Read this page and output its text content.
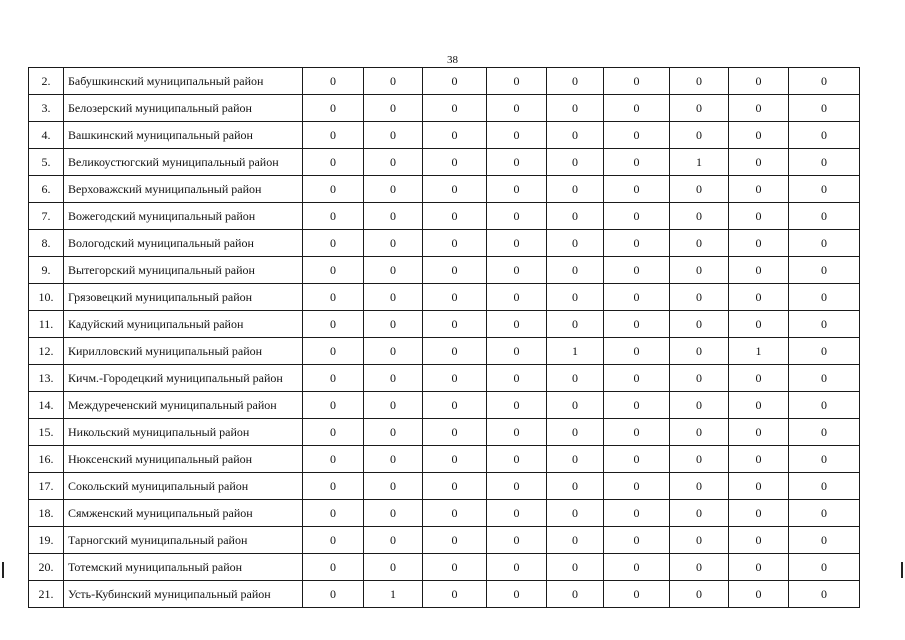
38
2.	Бабушкинский муниципальный район	0	0	0	0	0	0	0	0	0
3.	Белозерский муниципальный район	0	0	0	0	0	0	0	0	0
4.	Вашкинский муниципальный район	0	0	0	0	0	0	0	0	0
5.	Великоустюгский муниципальный район	0	0	0	0	0	0	1	0	0
6.	Верховажский муниципальный район	0	0	0	0	0	0	0	0	0
7.	Вожегодский муниципальный район	0	0	0	0	0	0	0	0	0
8.	Вологодский муниципальный район	0	0	0	0	0	0	0	0	0
9.	Вытегорский муниципальный район	0	0	0	0	0	0	0	0	0
10.	Грязовецкий муниципальный район	0	0	0	0	0	0	0	0	0
11.	Кадуйский муниципальный район	0	0	0	0	0	0	0	0	0
12.	Кирилловский муниципальный район	0	0	0	0	1	0	0	1	0
13.	Кичм.-Городецкий муниципальный район	0	0	0	0	0	0	0	0	0
14.	Междуреченский муниципальный район	0	0	0	0	0	0	0	0	0
15.	Никольский муниципальный район	0	0	0	0	0	0	0	0	0
16.	Нюксенский муниципальный район	0	0	0	0	0	0	0	0	0
17.	Сокольский муниципальный район	0	0	0	0	0	0	0	0	0
18.	Сямженский муниципальный район	0	0	0	0	0	0	0	0	0
19.	Тарногский муниципальный район	0	0	0	0	0	0	0	0	0
20.	Тотемский муниципальный район	0	0	0	0	0	0	0	0	0
21.	Усть-Кубинский муниципальный район	0	1	0	0	0	0	0	0	0
